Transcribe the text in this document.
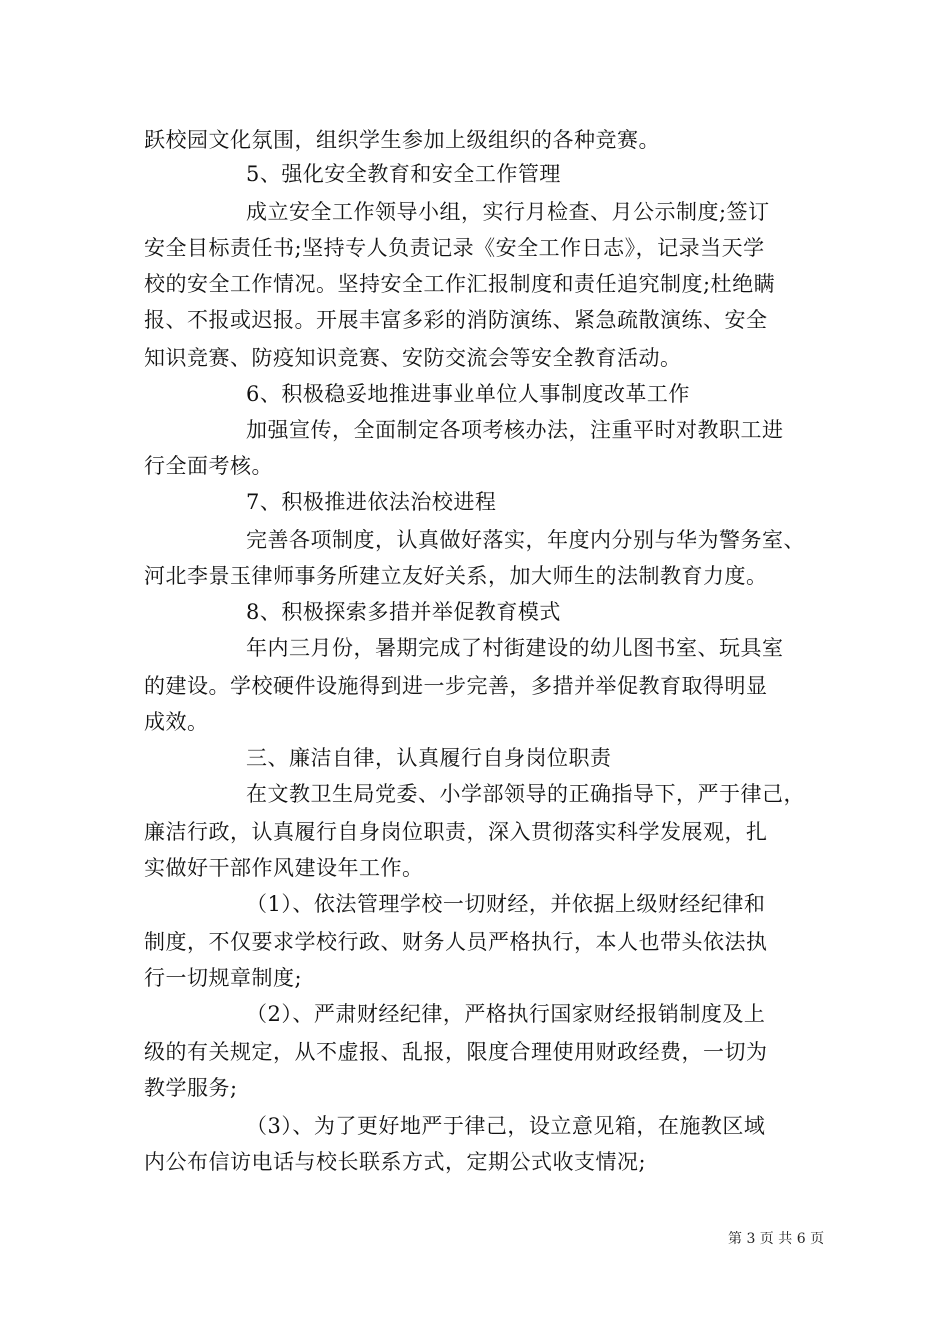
跃校园文化氛围，组织学生参加上级组织的各种竞赛。
5、强化安全教育和安全工作管理
成立安全工作领导小组，实行月检查、月公示制度;签订
安全目标责任书;坚持专人负责记录《安全工作日志》，记录当天学
校的安全工作情况。坚持安全工作汇报制度和责任追究制度;杜绝瞒
报、不报或迟报。开展丰富多彩的消防演练、紧急疏散演练、安全
知识竞赛、防疫知识竞赛、安防交流会等安全教育活动。
6、积极稳妥地推进事业单位人事制度改革工作
加强宣传，全面制定各项考核办法，注重平时对教职工进
行全面考核。
7、积极推进依法治校进程
完善各项制度，认真做好落实，年度内分别与华为警务室、
河北李景玉律师事务所建立友好关系，加大师生的法制教育力度。
8、积极探索多措并举促教育模式
年内三月份，暑期完成了村街建设的幼儿图书室、玩具室
的建设。学校硬件设施得到进一步完善，多措并举促教育取得明显
成效。
三、廉洁自律，认真履行自身岗位职责
在文教卫生局党委、小学部领导的正确指导下，严于律己，
廉洁行政，认真履行自身岗位职责，深入贯彻落实科学发展观，扎
实做好干部作风建设年工作。
（1）、依法管理学校一切财经，并依据上级财经纪律和
制度，不仅要求学校行政、财务人员严格执行，本人也带头依法执
行一切规章制度;
（2）、严肃财经纪律，严格执行国家财经报销制度及上
级的有关规定，从不虚报、乱报，限度合理使用财政经费，一切为
教学服务;
（3）、为了更好地严于律己，设立意见箱，在施教区域
内公布信访电话与校长联系方式，定期公式收支情况;
第 3 页 共 6 页
